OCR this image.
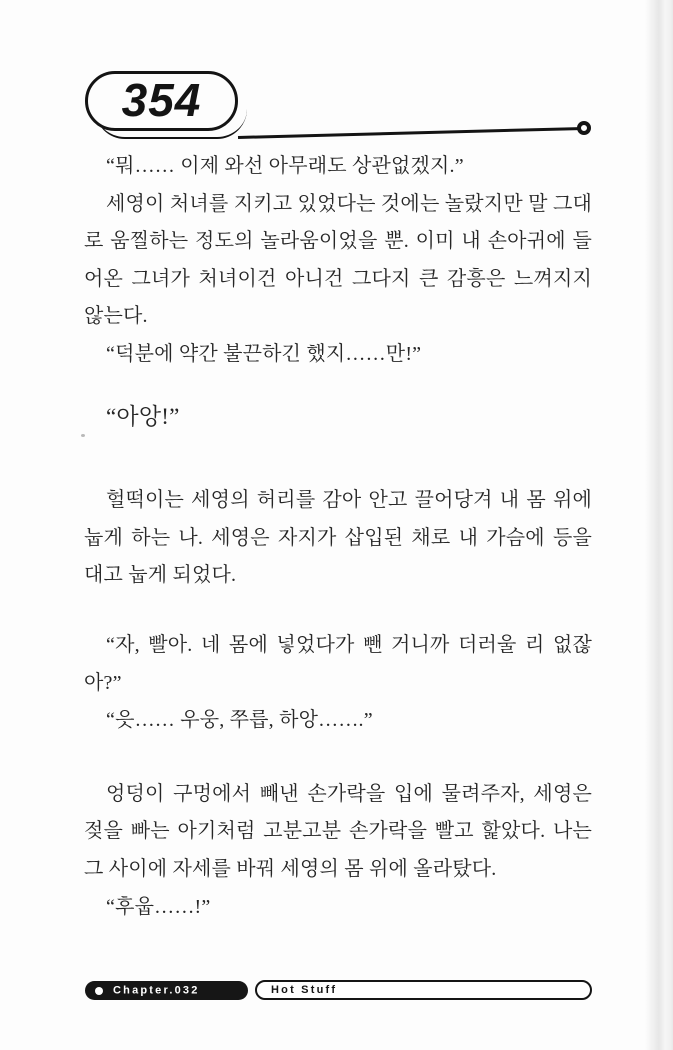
354
“뭐…… 이제 와선 아무래도 상관없겠지.”
세영이 처녀를 지키고 있었다는 것에는 놀랐지만 말 그대
로 움찔하는 정도의 놀라움이었을 뿐. 이미 내 손아귀에 들
어온 그녀가 처녀이건 아니건 그다지 큰 감흥은 느껴지지
않는다.
“덕분에 약간 불끈하긴 했지……만!”
“아앙!”
헐떡이는 세영의 허리를 감아 안고 끌어당겨 내 몸 위에
눕게 하는 나. 세영은 자지가 삽입된 채로 내 가슴에 등을
대고 눕게 되었다.
“자, 빨아. 네 몸에 넣었다가 뺀 거니까 더러울 리 없잖
아?”
“읏…… 우웅, 쭈릅, 하앙…….”
엉덩이 구멍에서 빼낸 손가락을 입에 물려주자, 세영은
젖을 빠는 아기처럼 고분고분 손가락을 빨고 핥았다. 나는
그 사이에 자세를 바꿔 세영의 몸 위에 올라탔다.
“후웁……!”
Chapter.032	Hot Stuff
